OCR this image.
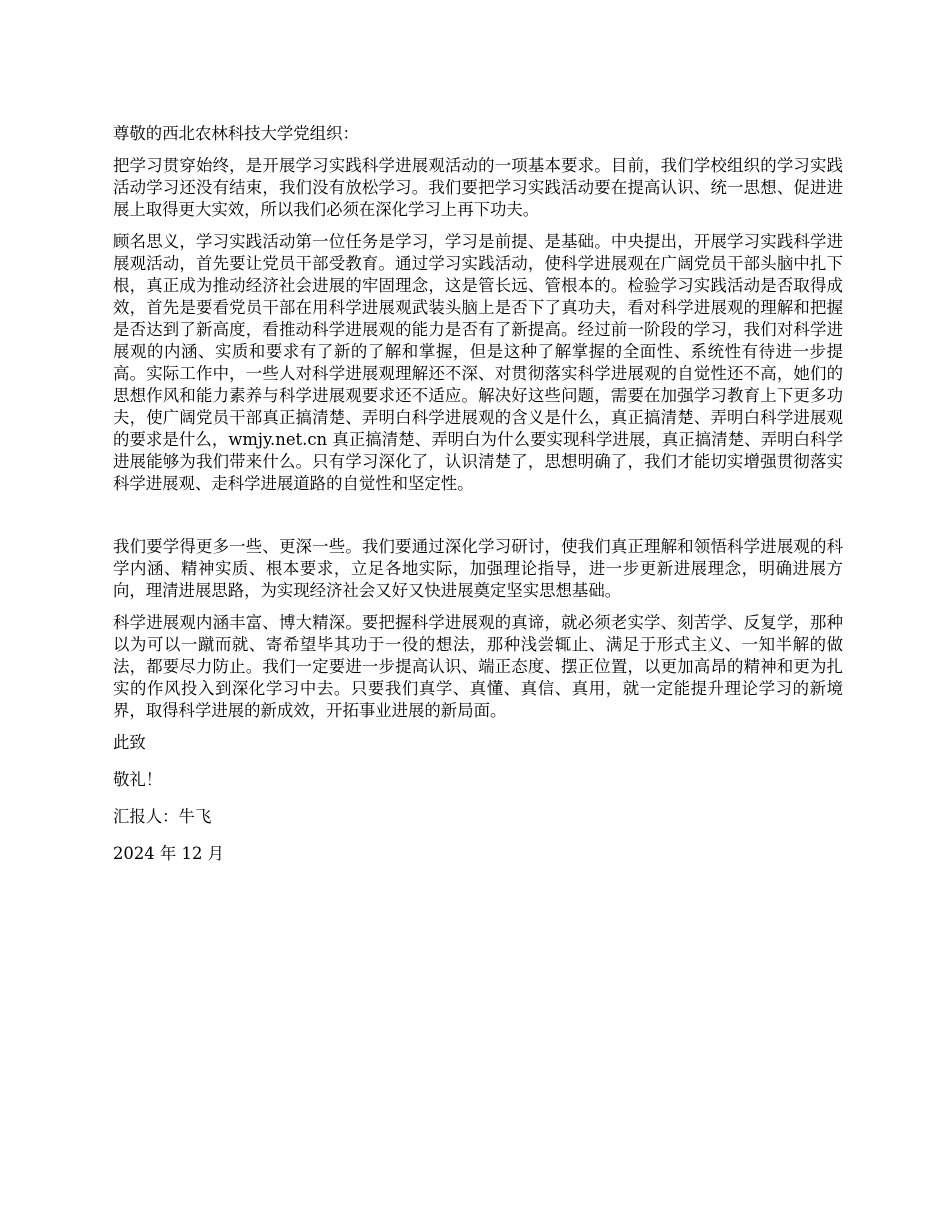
尊敬的西北农林科技大学党组织：

把学习贯穿始终，是开展学习实践科学进展观活动的一项基本要求。目前，我们学校组织的学习实践活动学习还没有结束，我们没有放松学习。我们要把学习实践活动要在提高认识、统一思想、促进进展上取得更大实效，所以我们必须在深化学习上再下功夫。

顾名思义，学习实践活动第一位任务是学习，学习是前提、是基础。中央提出，开展学习实践科学进展观活动，首先要让党员干部受教育。通过学习实践活动，使科学进展观在广阔党员干部头脑中扎下根，真正成为推动经济社会进展的牢固理念，这是管长远、管根本的。检验学习实践活动是否取得成效，首先是要看党员干部在用科学进展观武装头脑上是否下了真功夫，看对科学进展观的理解和把握是否达到了新高度，看推动科学进展观的能力是否有了新提高。经过前一阶段的学习，我们对科学进展观的内涵、实质和要求有了新的了解和掌握，但是这种了解掌握的全面性、系统性有待进一步提高。实际工作中，一些人对科学进展观理解还不深、对贯彻落实科学进展观的自觉性还不高，她们的思想作风和能力素养与科学进展观要求还不适应。解决好这些问题，需要在加强学习教育上下更多功夫，使广阔党员干部真正搞清楚、弄明白科学进展观的含义是什么，真正搞清楚、弄明白科学进展观的要求是什么，wmjy.net.cn 真正搞清楚、弄明白为什么要实现科学进展，真正搞清楚、弄明白科学进展能够为我们带来什么。只有学习深化了，认识清楚了，思想明确了，我们才能切实增强贯彻落实科学进展观、走科学进展道路的自觉性和坚定性。

我们要学得更多一些、更深一些。我们要通过深化学习研讨，使我们真正理解和领悟科学进展观的科学内涵、精神实质、根本要求，立足各地实际，加强理论指导，进一步更新进展理念，明确进展方向，理清进展思路，为实现经济社会又好又快进展奠定坚实思想基础。

科学进展观内涵丰富、博大精深。要把握科学进展观的真谛，就必须老实学、刻苦学、反复学，那种以为可以一蹴而就、寄希望毕其功于一役的想法，那种浅尝辄止、满足于形式主义、一知半解的做法，都要尽力防止。我们一定要进一步提高认识、端正态度、摆正位置，以更加高昂的精神和更为扎实的作风投入到深化学习中去。只要我们真学、真懂、真信、真用，就一定能提升理论学习的新境界，取得科学进展的新成效，开拓事业进展的新局面。

此致

敬礼！

汇报人：牛飞

2024 年 12 月
